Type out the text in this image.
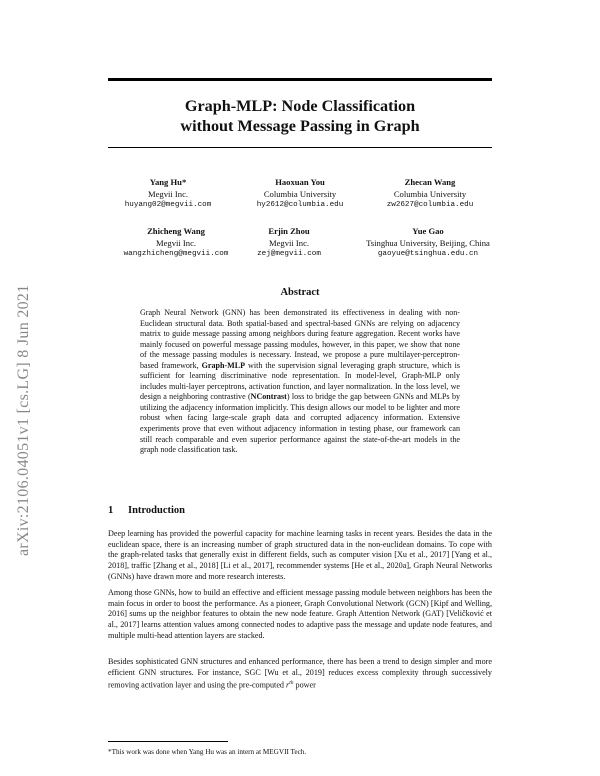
arXiv:2106.04051v1 [cs.LG] 8 Jun 2021
Graph-MLP: Node Classification
without Message Passing in Graph
Yang Hu*
Megvii Inc.
huyang02@megvii.com
Haoxuan You
Columbia University
hy2612@columbia.edu
Zhecan Wang
Columbia University
zw2627@columbia.edu
Zhicheng Wang
Megvii Inc.
wangzhicheng@megvii.com
Erjin Zhou
Megvii Inc.
zej@megvii.com
Yue Gao
Tsinghua University, Beijing, China
gaoyue@tsinghua.edu.cn
Abstract
Graph Neural Network (GNN) has been demonstrated its effectiveness in dealing with non-Euclidean structural data. Both spatial-based and spectral-based GNNs are relying on adjacency matrix to guide message passing among neighbors during feature aggregation. Recent works have mainly focused on powerful message passing modules, however, in this paper, we show that none of the message passing modules is necessary. Instead, we propose a pure multilayer-perceptron-based framework, Graph-MLP with the supervision signal leveraging graph structure, which is sufficient for learning discriminative node representation. In model-level, Graph-MLP only includes multi-layer perceptrons, activation function, and layer normalization. In the loss level, we design a neighboring contrastive (NContrast) loss to bridge the gap between GNNs and MLPs by utilizing the adjacency information implicitly. This design allows our model to be lighter and more robust when facing large-scale graph data and corrupted adjacency information. Extensive experiments prove that even without adjacency information in testing phase, our framework can still reach comparable and even superior performance against the state-of-the-art models in the graph node classification task.
1 Introduction
Deep learning has provided the powerful capacity for machine learning tasks in recent years. Besides the data in the euclidean space, there is an increasing number of graph structured data in the non-euclidean domains. To cope with the graph-related tasks that generally exist in different fields, such as computer vision [Xu et al., 2017] [Yang et al., 2018], traffic [Zhang et al., 2018] [Li et al., 2017], recommender systems [He et al., 2020a], Graph Neural Networks (GNNs) have drawn more and more research interests.
Among those GNNs, how to build an effective and efficient message passing module between neighbors has been the main focus in order to boost the performance. As a pioneer, Graph Convolutional Network (GCN) [Kipf and Welling, 2016] sums up the neighbor features to obtain the new node feature. Graph Attention Network (GAT) [Veličković et al., 2017] learns attention values among connected nodes to adaptive pass the message and update node features, and multiple multi-head attention layers are stacked.
Besides sophisticated GNN structures and enhanced performance, there has been a trend to design simpler and more efficient GNN structures. For instance, SGC [Wu et al., 2019] reduces excess complexity through successively removing activation layer and using the pre-computed $r^{th}$ power
*This work was done when Yang Hu was an intern at MEGVII Tech.
